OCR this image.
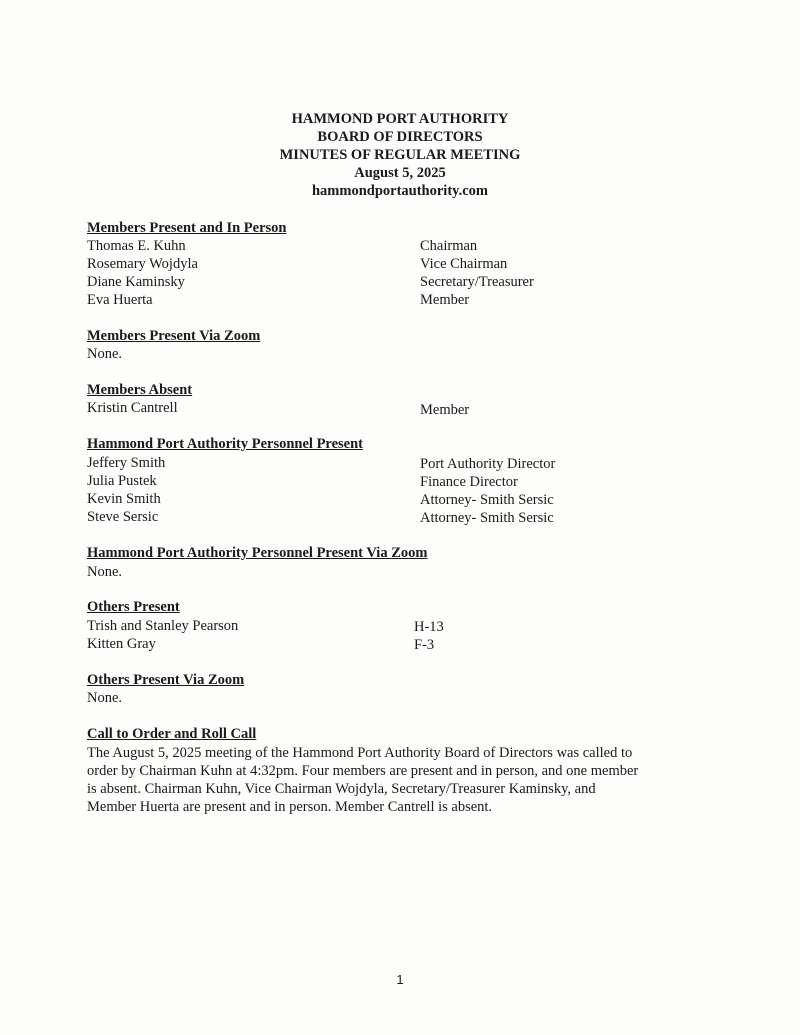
HAMMOND PORT AUTHORITY
BOARD OF DIRECTORS
MINUTES OF REGULAR MEETING
August 5, 2025
hammondportauthority.com
Members Present and In Person
Thomas E. Kuhn	Chairman
Rosemary Wojdyla	Vice Chairman
Diane Kaminsky	Secretary/Treasurer
Eva Huerta	Member
Members Present Via Zoom
None.
Members Absent
Kristin Cantrell	Member
Hammond Port Authority Personnel Present
Jeffery Smith	Port Authority Director
Julia Pustek	Finance Director
Kevin Smith	Attorney- Smith Sersic
Steve Sersic	Attorney- Smith Sersic
Hammond Port Authority Personnel Present Via Zoom
None.
Others Present
Trish and Stanley Pearson	H-13
Kitten Gray	F-3
Others Present Via Zoom
None.
Call to Order and Roll Call
The August 5, 2025 meeting of the Hammond Port Authority Board of Directors was called to
order by Chairman Kuhn at 4:32pm. Four members are present and in person, and one member
is absent. Chairman Kuhn, Vice Chairman Wojdyla, Secretary/Treasurer Kaminsky, and
Member Huerta are present and in person. Member Cantrell is absent.
1
